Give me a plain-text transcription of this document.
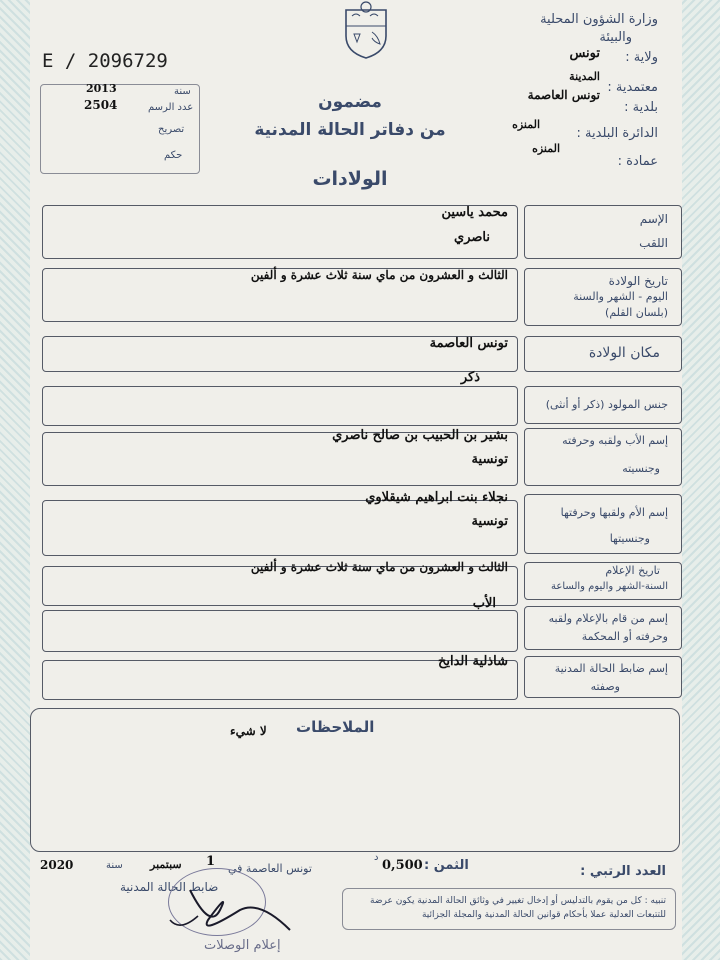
وزارة الشؤون المحلية
والبيئة
ولاية :
تونس
معتمدية :
المدينة
بلدية :
تونس العاصمة
الدائرة البلدية :
المنزه
عمادة :
المنزه
E / 2096729
2013	سنة
2504	عدد الرسم
تصريح
حكم
مضمون
من دفاتر الحالة المدنية
الولادات
الإسم
اللقب
محمد ياسين
ناصري
تاريخ الولادة
اليوم - الشهر والسنة
(بلسان القلم)
الثالث و العشرون من ماي سنة ثلاث عشرة و ألفين
مكان الولادة
تونس العاصمة
جنس المولود (ذكر أو أنثى)
ذكر
إسم الأب ولقبه وحرفته
وجنسيته
بشير بن الحبيب بن صالح ناصري
تونسية
إسم الأم ولقبها وحرفتها
وجنسيتها
نجلاء بنت ابراهيم شيقلاوي
تونسية
تاريخ الإعلام
السنة-الشهر واليوم والساعة
الثالث و العشرون من ماي سنة ثلاث عشرة و ألفين
إسم من قام بالإعلام ولقبه
وحرفته أو المحكمة
الأب
إسم ضابط الحالة المدنية
وصفته
شاذلية الدايخ
الملاحظات
لا شيء
العدد الرتبي :
الثمن :
0,500
د
تونس العاصمة في
1
سبتمبر
سنة
2020
ضابط الحالة المدنية
تنبيه : كل من يقوم بالتدليس أو إدخال تغيير في وثائق الحالة المدنية يكون عرضة للتتبعات العدلية عملا بأحكام قوانين الحالة المدنية والمجلة الجزائية
إعلام الوصلات
